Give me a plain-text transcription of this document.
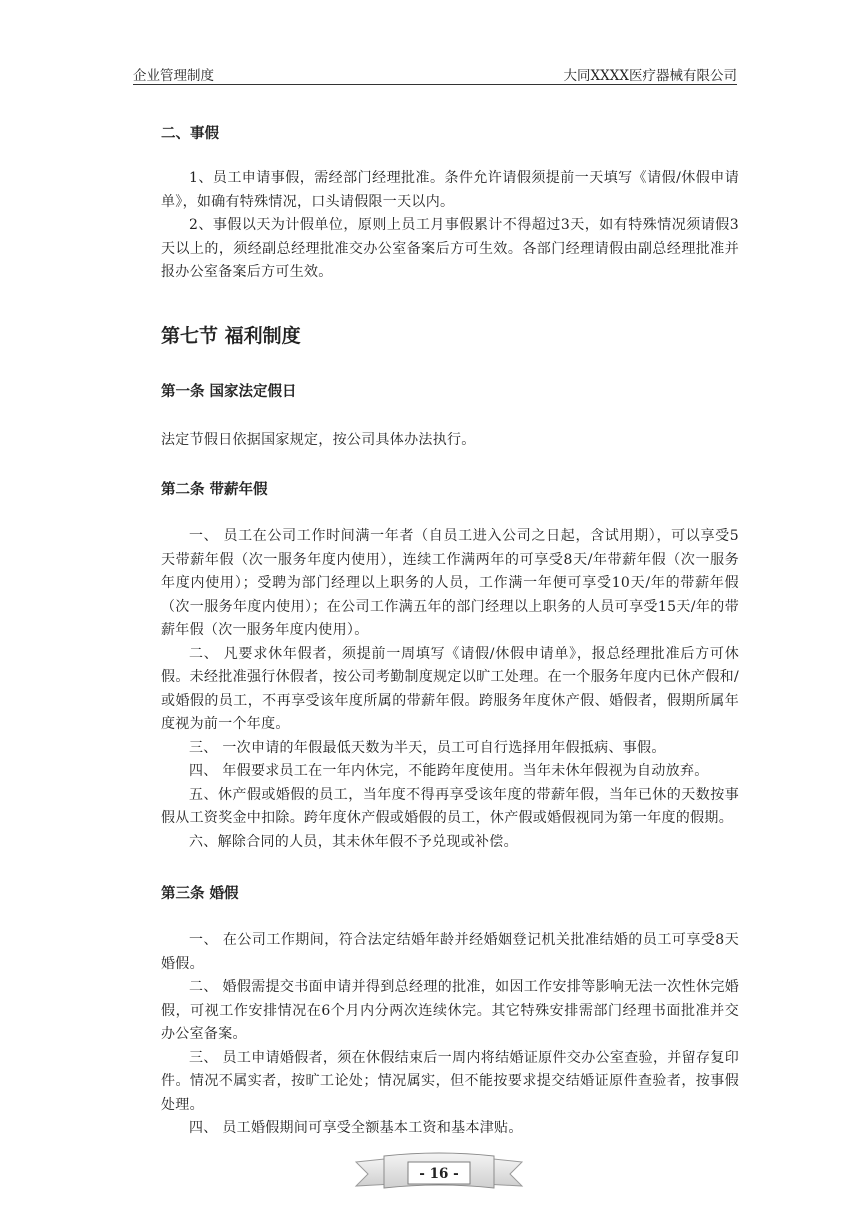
企业管理制度	大同XXXX医疗器械有限公司

二、事假

1、员工申请事假，需经部门经理批准。条件允许请假须提前一天填写《请假/休假申请单》，如确有特殊情况，口头请假限一天以内。

2、事假以天为计假单位，原则上员工月事假累计不得超过3天，如有特殊情况须请假3天以上的，须经副总经理批准交办公室备案后方可生效。各部门经理请假由副总经理批准并报办公室备案后方可生效。

第七节 福利制度

第一条 国家法定假日

法定节假日依据国家规定，按公司具体办法执行。

第二条 带薪年假

一、 员工在公司工作时间满一年者（自员工进入公司之日起，含试用期），可以享受5天带薪年假（次一服务年度内使用），连续工作满两年的可享受8天/年带薪年假（次一服务年度内使用）；受聘为部门经理以上职务的人员，工作满一年便可享受10天/年的带薪年假（次一服务年度内使用）；在公司工作满五年的部门经理以上职务的人员可享受15天/年的带薪年假（次一服务年度内使用）。

二、 凡要求休年假者，须提前一周填写《请假/休假申请单》，报总经理批准后方可休假。未经批准强行休假者，按公司考勤制度规定以旷工处理。在一个服务年度内已休产假和/或婚假的员工，不再享受该年度所属的带薪年假。跨服务年度休产假、婚假者，假期所属年度视为前一个年度。

三、 一次申请的年假最低天数为半天，员工可自行选择用年假抵病、事假。

四、 年假要求员工在一年内休完，不能跨年度使用。当年未休年假视为自动放弃。

五、休产假或婚假的员工，当年度不得再享受该年度的带薪年假，当年已休的天数按事假从工资奖金中扣除。跨年度休产假或婚假的员工，休产假或婚假视同为第一年度的假期。

六、解除合同的人员，其未休年假不予兑现或补偿。

第三条 婚假

一、 在公司工作期间，符合法定结婚年龄并经婚姻登记机关批准结婚的员工可享受8天婚假。

二、 婚假需提交书面申请并得到总经理的批准，如因工作安排等影响无法一次性休完婚假，可视工作安排情况在6个月内分两次连续休完。其它特殊安排需部门经理书面批准并交办公室备案。

三、 员工申请婚假者，须在休假结束后一周内将结婚证原件交办公室查验，并留存复印件。情况不属实者，按旷工论处；情况属实，但不能按要求提交结婚证原件查验者，按事假处理。

四、 员工婚假期间可享受全额基本工资和基本津贴。

- 16 -
